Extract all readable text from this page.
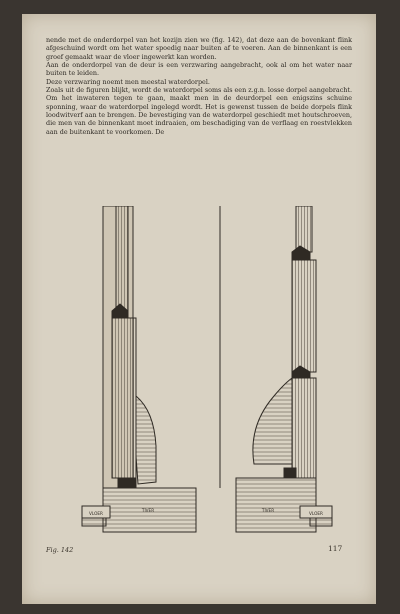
nende met de onderdorpel van het kozijn zien we (fig. 142), dat deze aan de bovenkant flink afgeschuind wordt om het water spoedig naar buiten af te voeren. Aan de binnenkant is een groef gemaakt waar de vloer ingewerkt kan worden.

Aan de onderdorpel van de deur is een verzwaring aangebracht, ook al om het water naar buiten te leiden.

Deze verzwaring noemt men meestal waterdorpel.

Zoals uit de figuren blijkt, wordt de waterdorpel soms als een z.g.n. losse dorpel aangebracht. Om het inwateren tegen te gaan, maakt men in de deurdorpel een enigszins schuine sponning, waar de waterdorpel ingelegd wordt. Het is gewenst tussen de beide dorpels flink loodwitverf aan te brengen. De bevestiging van de waterdorpel geschiedt met houtschroeven, die men van de binnenkant moet indraaien, om beschadiging van de verflaag en roestvlekken aan de buitenkant te voorkomen. De

VLOER
TIVER	TIVER
VLOER
Fig. 142	117
